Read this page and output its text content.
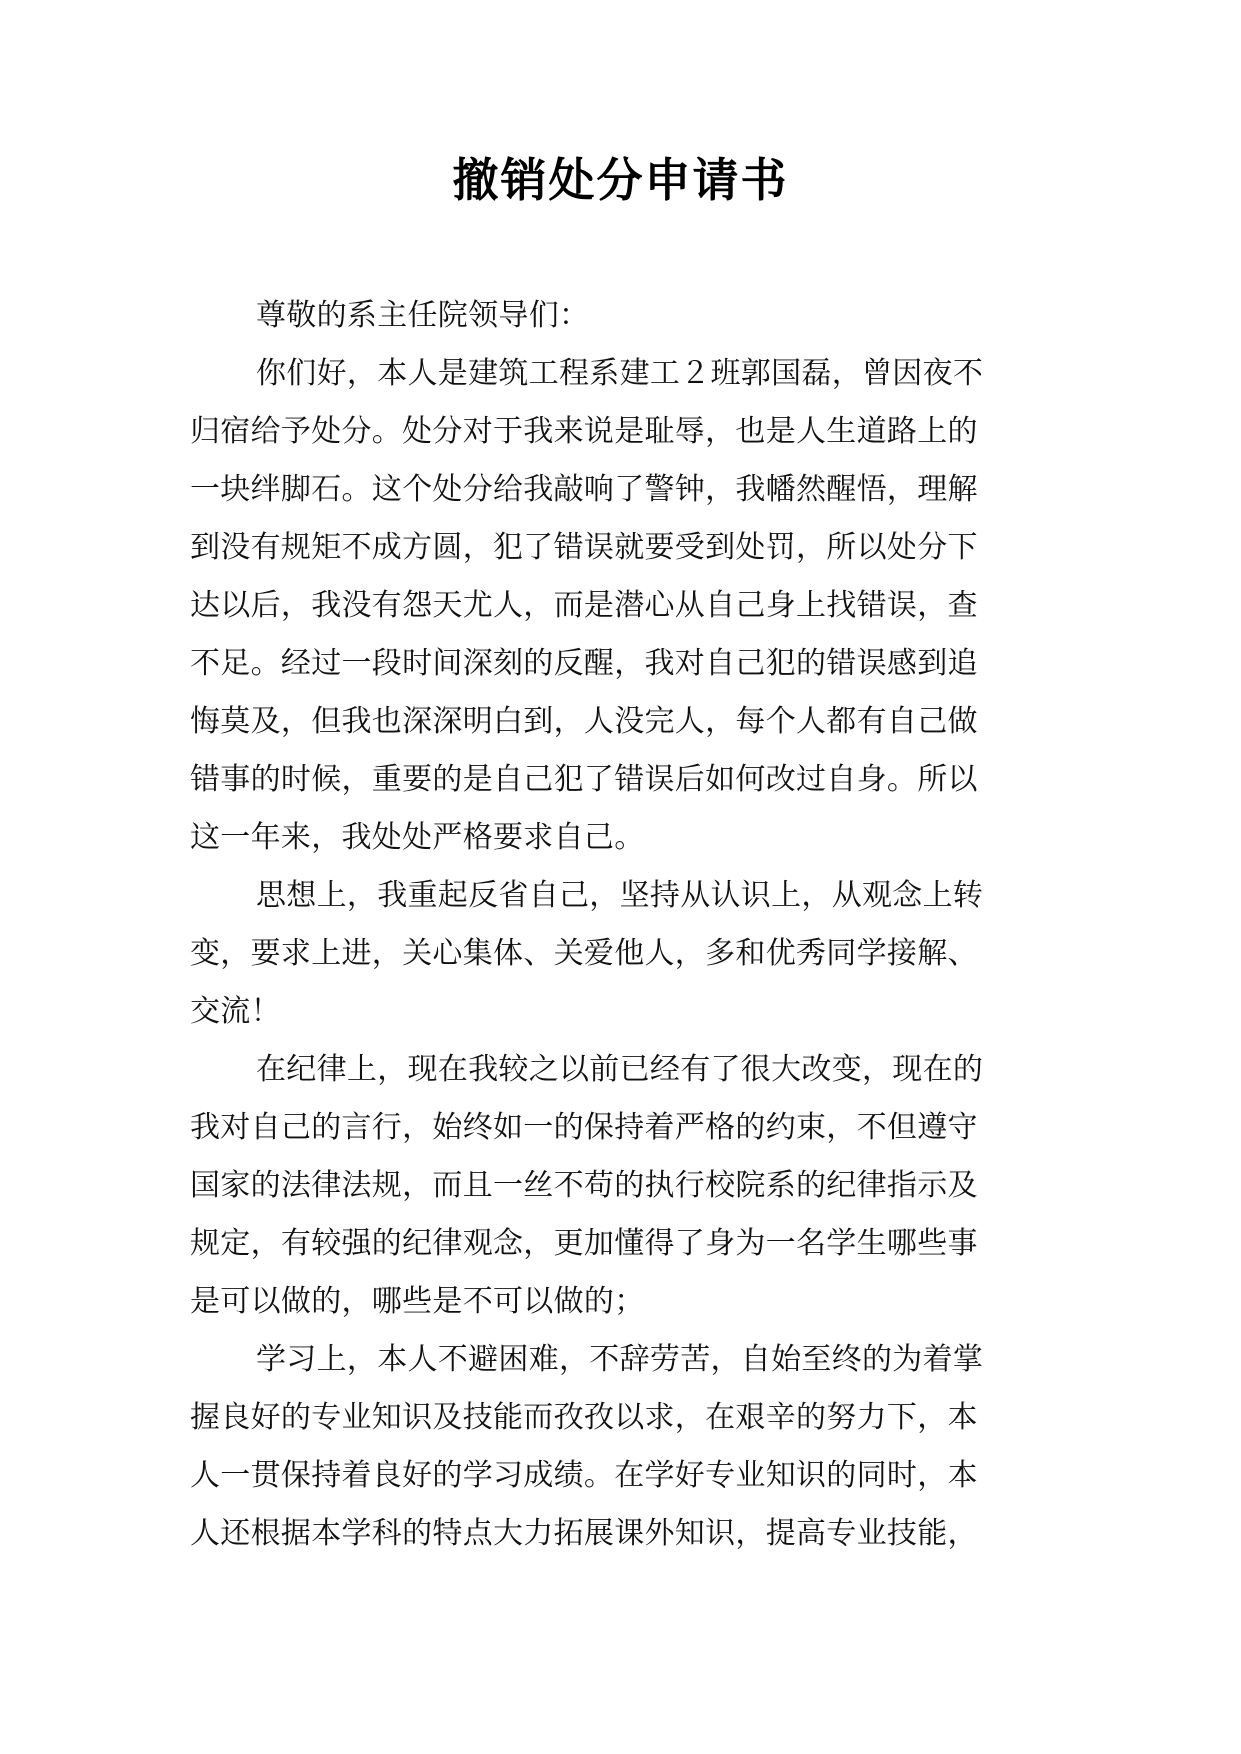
撤销处分申请书
尊敬的系主任院领导们：
你们好，本人是建筑工程系建工２班郭国磊，曾因夜不
归宿给予处分。处分对于我来说是耻辱，也是人生道路上的
一块绊脚石。这个处分给我敲响了警钟，我幡然醒悟，理解
到没有规矩不成方圆，犯了错误就要受到处罚，所以处分下
达以后，我没有怨天尤人，而是潜心从自己身上找错误，查
不足。经过一段时间深刻的反醒，我对自己犯的错误感到追
悔莫及，但我也深深明白到，人没完人，每个人都有自己做
错事的时候，重要的是自己犯了错误后如何改过自身。所以
这一年来，我处处严格要求自己。
思想上，我重起反省自己，坚持从认识上，从观念上转
变，要求上进，关心集体、关爱他人，多和优秀同学接解、
交流！
在纪律上，现在我较之以前已经有了很大改变，现在的
我对自己的言行，始终如一的保持着严格的约束，不但遵守
国家的法律法规，而且一丝不苟的执行校院系的纪律指示及
规定，有较强的纪律观念，更加懂得了身为一名学生哪些事
是可以做的，哪些是不可以做的；
学习上，本人不避困难，不辞劳苦，自始至终的为着掌
握良好的专业知识及技能而孜孜以求，在艰辛的努力下，本
人一贯保持着良好的学习成绩。在学好专业知识的同时，本
人还根据本学科的特点大力拓展课外知识，提高专业技能，
